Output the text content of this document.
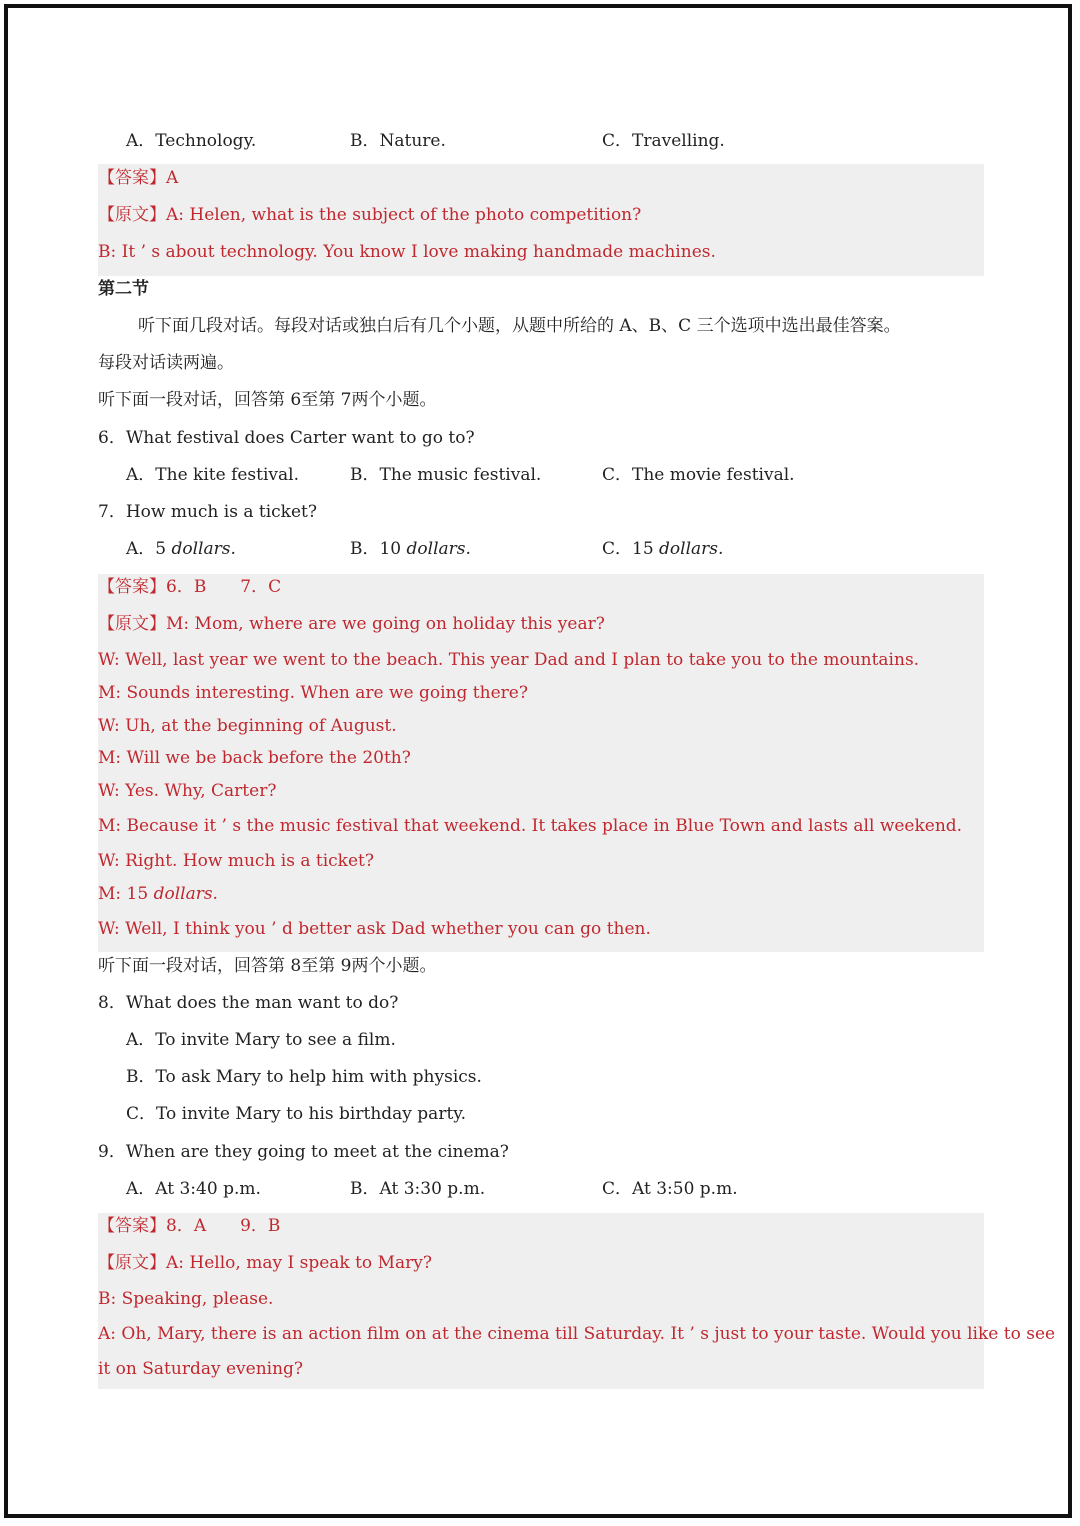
A．Technology.	B．Nature.	C．Travelling.
【答案】A
【原文】A: Helen, what is the subject of the photo competition?
B: It ’ s about technology. You know I love making handmade machines.
第二节
听下面几段对话。每段对话或独白后有几个小题，从题中所给的 A、B、C 三个选项中选出最佳答案。
每段对话读两遍。
听下面一段对话，回答第 6至第 7两个小题。
6．What festival does Carter want to go to?
A．The kite festival.	B．The music festival.	C．The movie festival.
7．How much is a ticket?
A．5 dollars.	B．10 dollars.	C．15 dollars.
【答案】6．B　　7．C
【原文】M: Mom, where are we going on holiday this year?
W: Well, last year we went to the beach. This year Dad and I plan to take you to the mountains.
M: Sounds interesting. When are we going there?
W: Uh, at the beginning of August.
M: Will we be back before the 20th?
W: Yes. Why, Carter?
M: Because it ’ s the music festival that weekend. It takes place in Blue Town and lasts all weekend.
W: Right. How much is a ticket?
M: 15 dollars.
W: Well, I think you ’ d better ask Dad whether you can go then.
听下面一段对话，回答第 8至第 9两个小题。
8．What does the man want to do?
A．To invite Mary to see a film.
B．To ask Mary to help him with physics.
C．To invite Mary to his birthday party.
9．When are they going to meet at the cinema?
A．At 3:40 p.m.	B．At 3:30 p.m.	C．At 3:50 p.m.
【答案】8．A　　9．B
【原文】A: Hello, may I speak to Mary?
B: Speaking, please.
A: Oh, Mary, there is an action film on at the cinema till Saturday. It ’ s just to your taste. Would you like to see
it on Saturday evening?
